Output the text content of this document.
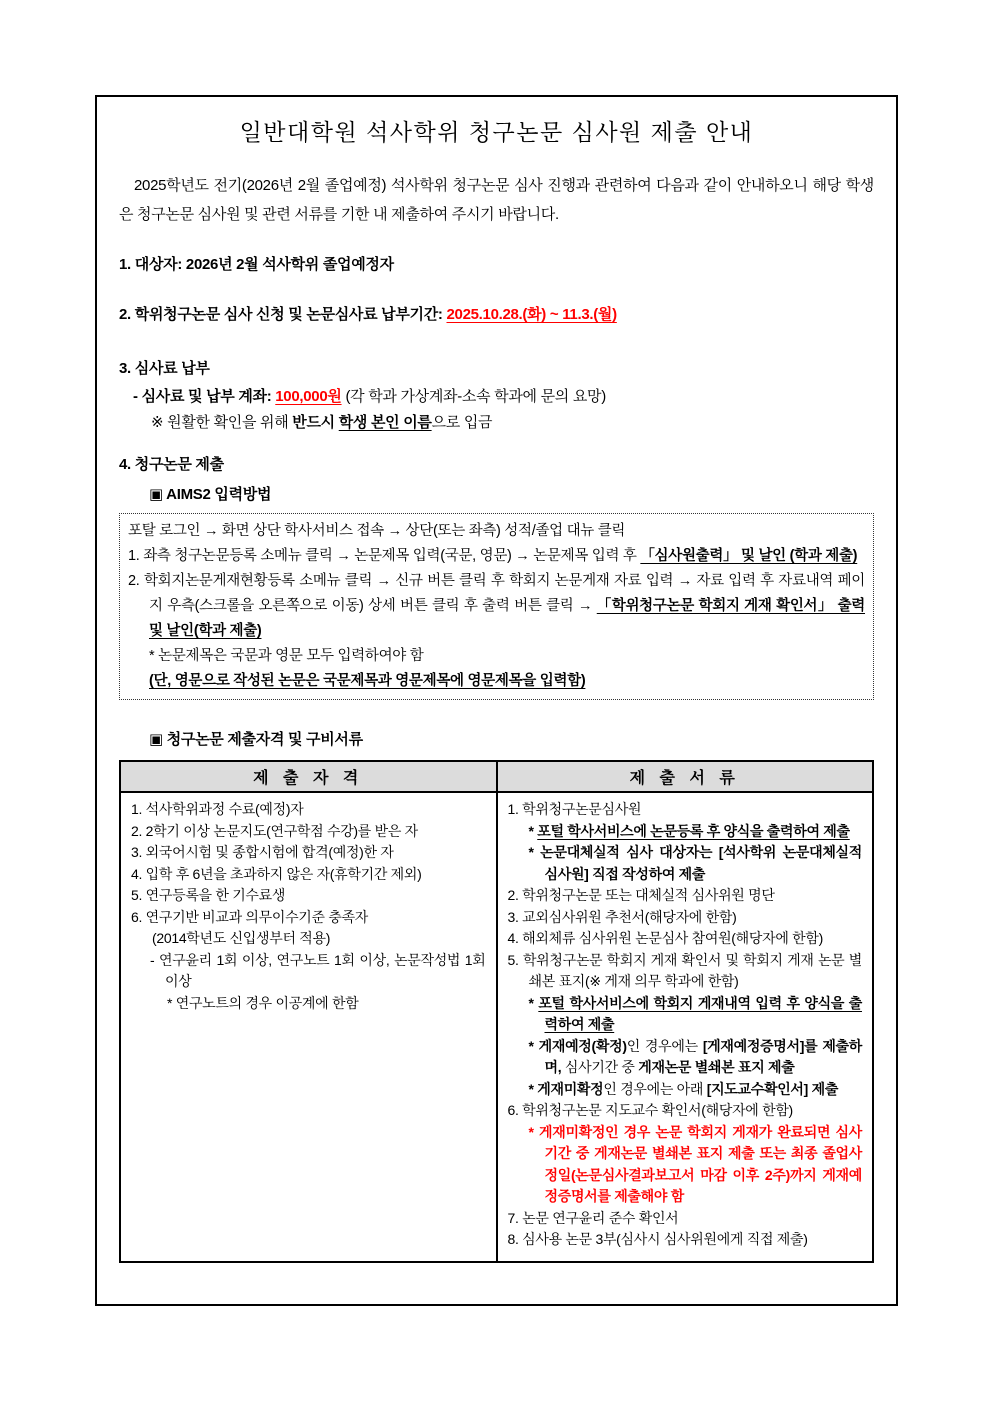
일반대학원 석사학위 청구논문 심사원 제출 안내

2025학년도 전기(2026년 2월 졸업예정) 석사학위 청구논문 심사 진행과 관련하여 다음과 같이 안내하오니 해당 학생은 청구논문 심사원 및 관련 서류를 기한 내 제출하여 주시기 바랍니다.

1. 대상자: 2026년 2월 석사학위 졸업예정자
2. 학위청구논문 심사 신청 및 논문심사료 납부기간: 2025.10.28.(화) ~ 11.3.(월)
3. 심사료 납부
- 심사료 및 납부 계좌: 100,000원 (각 학과 가상계좌-소속 학과에 문의 요망)
※ 원활한 확인을 위해 반드시 학생 본인 이름으로 입금
4. 청구논문 제출
▣ AIMS2 입력방법
포탈 로그인 → 화면 상단 학사서비스 접속 → 상단(또는 좌측) 성적/졸업 대뉴 클릭
1. 좌측 청구논문등록 소메뉴 클릭 → 논문제목 입력(국문, 영문) → 논문제목 입력 후 「심사원출력」 및 날인 (학과 제출)
2. 학회지논문게재현황등록 소메뉴 클릭 → 신규 버튼 클릭 후 학회지 논문게재 자료 입력 → 자료 입력 후 자료내역 페이지 우측(스크롤을 오른쪽으로 이동) 상세 버튼 클릭 후 출력 버튼 클릭 → 「학위청구논문 학회지 게재 확인서」 출력 및 날인(학과 제출)
* 논문제목은 국문과 영문 모두 입력하여야 함
(단, 영문으로 작성된 논문은 국문제목과 영문제목에 영문제목을 입력함)
▣ 청구논문 제출자격 및 구비서류
제 출 자 격	제 출 서 류

1. 석사학위과정 수료(예정)자
2. 2학기 이상 논문지도(연구학점 수강)를 받은 자
3. 외국어시험 및 종합시험에 합격(예정)한 자
4. 입학 후 6년을 초과하지 않은 자(휴학기간 제외)
5. 연구등록을 한 기수료생
6. 연구기반 비교과 의무이수기준 충족자
(2014학년도 신입생부터 적용)
- 연구윤리 1회 이상, 연구노트 1회 이상, 논문작성법 1회 이상
* 연구노트의 경우 이공계에 한함

1. 학위청구논문심사원
* 포털 학사서비스에 논문등록 후 양식을 출력하여 제출
* 논문대체실적 심사 대상자는 [석사학위 논문대체실적 심사원] 직접 작성하여 제출
2. 학위청구논문 또는 대체실적 심사위원 명단
3. 교외심사위원 추천서(해당자에 한함)
4. 해외체류 심사위원 논문심사 참여원(해당자에 한함)
5. 학위청구논문 학회지 게재 확인서 및 학회지 게재 논문 별쇄본 표지(※ 게재 의무 학과에 한함)
* 포털 학사서비스에 학회지 게재내역 입력 후 양식을 출력하여 제출
* 게재예정(확정)인 경우에는 [게재예정증명서]를 제출하며, 심사기간 중 게재논문 별쇄본 표지 제출
* 게재미확정인 경우에는 아래 [지도교수확인서] 제출
6. 학위청구논문 지도교수 확인서(해당자에 한함)
* 게재미확정인 경우 논문 학회지 게재가 완료되면 심사기간 중 게재논문 별쇄본 표지 제출 또는 최종 졸업사정일(논문심사결과보고서 마감 이후 2주)까지 게재예정증명서를 제출해야 함
7. 논문 연구윤리 준수 확인서
8. 심사용 논문 3부(심사시 심사위원에게 직접 제출)
